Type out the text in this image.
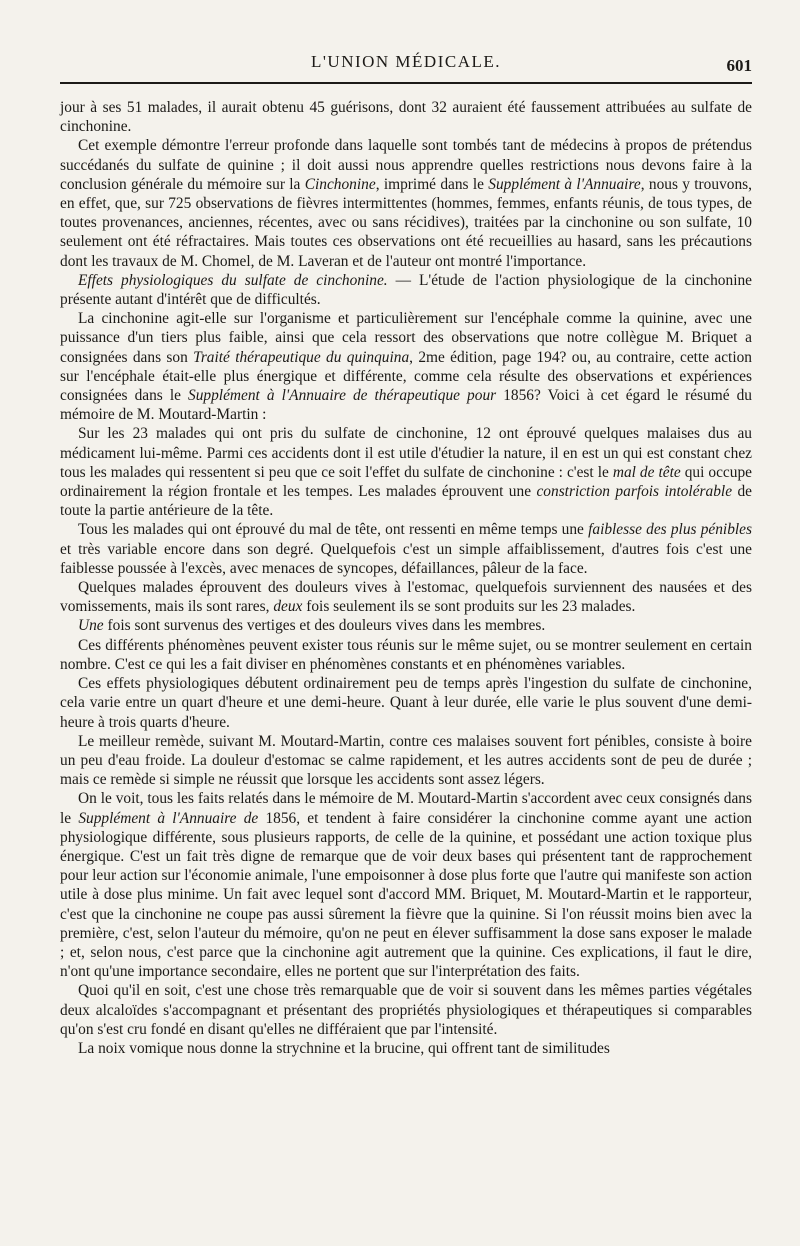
L'UNION MÉDICALE.	601

jour à ses 51 malades, il aurait obtenu 45 guérisons, dont 32 auraient été faussement attribuées au sulfate de cinchonine.

Cet exemple démontre l'erreur profonde dans laquelle sont tombés tant de médecins à propos de prétendus succédanés du sulfate de quinine ; il doit aussi nous apprendre quelles restrictions nous devons faire à la conclusion générale du mémoire sur la Cinchonine, imprimé dans le Supplément à l'Annuaire, nous y trouvons, en effet, que, sur 725 observations de fièvres intermittentes (hommes, femmes, enfants réunis, de tous types, de toutes provenances, anciennes, récentes, avec ou sans récidives), traitées par la cinchonine ou son sulfate, 10 seulement ont été réfractaires. Mais toutes ces observations ont été recueillies au hasard, sans les précautions dont les travaux de M. Chomel, de M. Laveran et de l'auteur ont montré l'importance.

Effets physiologiques du sulfate de cinchonine. — L'étude de l'action physiologique de la cinchonine présente autant d'intérêt que de difficultés.

La cinchonine agit-elle sur l'organisme et particulièrement sur l'encéphale comme la quinine, avec une puissance d'un tiers plus faible, ainsi que cela ressort des observations que notre collègue M. Briquet a consignées dans son Traité thérapeutique du quinquina, 2me édition, page 194? ou, au contraire, cette action sur l'encéphale était-elle plus énergique et différente, comme cela résulte des observations et expériences consignées dans le Supplément à l'Annuaire de thérapeutique pour 1856? Voici à cet égard le résumé du mémoire de M. Moutard-Martin :

Sur les 23 malades qui ont pris du sulfate de cinchonine, 12 ont éprouvé quelques malaises dus au médicament lui-même. Parmi ces accidents dont il est utile d'étudier la nature, il en est un qui est constant chez tous les malades qui ressentent si peu que ce soit l'effet du sulfate de cinchonine : c'est le mal de tête qui occupe ordinairement la région frontale et les tempes. Les malades éprouvent une constriction parfois intolérable de toute la partie antérieure de la tête.

Tous les malades qui ont éprouvé du mal de tête, ont ressenti en même temps une faiblesse des plus pénibles et très variable encore dans son degré. Quelquefois c'est un simple affaiblissement, d'autres fois c'est une faiblesse poussée à l'excès, avec menaces de syncopes, défaillances, pâleur de la face.

Quelques malades éprouvent des douleurs vives à l'estomac, quelquefois surviennent des nausées et des vomissements, mais ils sont rares, deux fois seulement ils se sont produits sur les 23 malades.

Une fois sont survenus des vertiges et des douleurs vives dans les membres.

Ces différents phénomènes peuvent exister tous réunis sur le même sujet, ou se montrer seulement en certain nombre. C'est ce qui les a fait diviser en phénomènes constants et en phénomènes variables.

Ces effets physiologiques débutent ordinairement peu de temps après l'ingestion du sulfate de cinchonine, cela varie entre un quart d'heure et une demi-heure. Quant à leur durée, elle varie le plus souvent d'une demi-heure à trois quarts d'heure.

Le meilleur remède, suivant M. Moutard-Martin, contre ces malaises souvent fort pénibles, consiste à boire un peu d'eau froide. La douleur d'estomac se calme rapidement, et les autres accidents sont de peu de durée ; mais ce remède si simple ne réussit que lorsque les accidents sont assez légers.

On le voit, tous les faits relatés dans le mémoire de M. Moutard-Martin s'accordent avec ceux consignés dans le Supplément à l'Annuaire de 1856, et tendent à faire considérer la cinchonine comme ayant une action physiologique différente, sous plusieurs rapports, de celle de la quinine, et possédant une action toxique plus énergique. C'est un fait très digne de remarque que de voir deux bases qui présentent tant de rapprochement pour leur action sur l'économie animale, l'une empoisonner à dose plus forte que l'autre qui manifeste son action utile à dose plus minime. Un fait avec lequel sont d'accord MM. Briquet, M. Moutard-Martin et le rapporteur, c'est que la cinchonine ne coupe pas aussi sûrement la fièvre que la quinine. Si l'on réussit moins bien avec la première, c'est, selon l'auteur du mémoire, qu'on ne peut en élever suffisamment la dose sans exposer le malade ; et, selon nous, c'est parce que la cinchonine agit autrement que la quinine. Ces explications, il faut le dire, n'ont qu'une importance secondaire, elles ne portent que sur l'interprétation des faits.

Quoi qu'il en soit, c'est une chose très remarquable que de voir si souvent dans les mêmes parties végétales deux alcaloïdes s'accompagnant et présentant des propriétés physiologiques et thérapeutiques si comparables qu'on s'est cru fondé en disant qu'elles ne différaient que par l'intensité.

La noix vomique nous donne la strychnine et la brucine, qui offrent tant de similitudes
